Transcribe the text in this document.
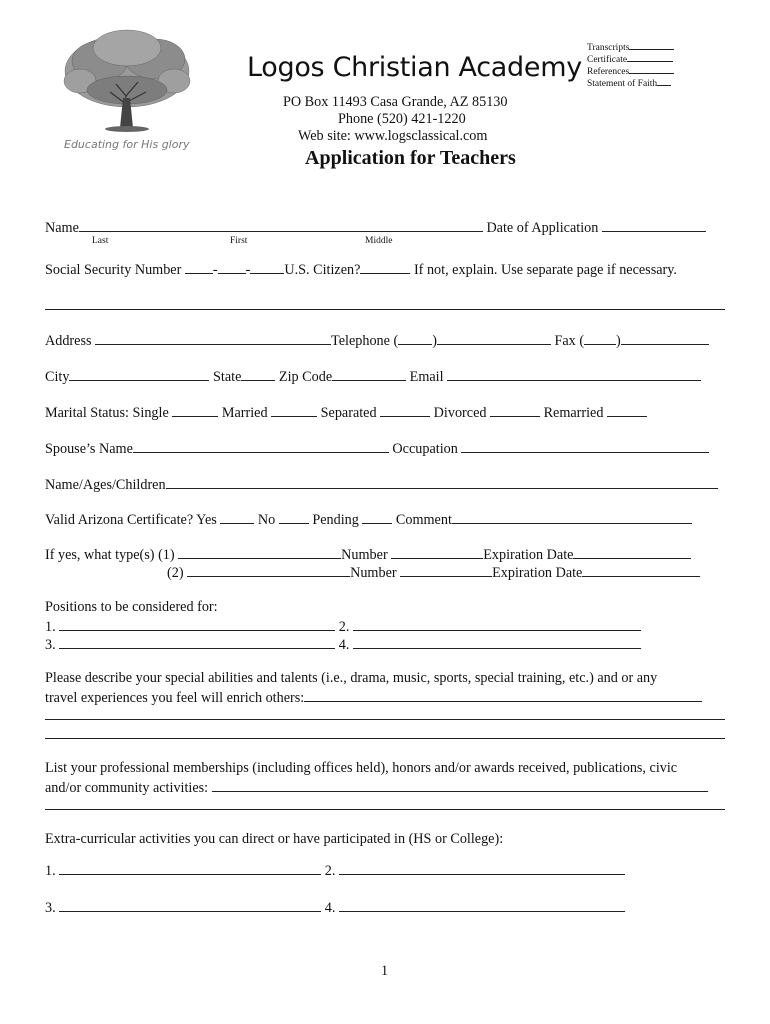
Educating for His glory
Logos Christian Academy
PO Box 11493 Casa Grande, AZ 85130
Phone (520) 421-1220
Web site: www.logsclassical.com
Application for Teachers
Transcripts
Certificate
References
Statement of Faith
Name	Date of Application
Last	First	Middle
Social Security Number - - U.S. Citizen?	If not, explain. Use separate page if necessary.
Address	Telephone ( )	Fax ( )
City	State	Zip Code	Email
Marital Status: Single	Married	Separated	Divorced	Remarried
Spouse’s Name	Occupation
Name/Ages/Children
Valid Arizona Certificate? Yes	No	Pending	Comment
If yes, what type(s) (1)	Number	Expiration Date
(2)	Number	Expiration Date
Positions to be considered for:
1.	2.
3.	4.
Please describe your special abilities and talents (i.e., drama, music, sports, special training, etc.) and or any
travel experiences you feel will enrich others:
List your professional memberships (including offices held), honors and/or awards received, publications, civic
and/or community activities:
Extra-curricular activities you can direct or have participated in (HS or College):
1.	2.
3.	4.
1
